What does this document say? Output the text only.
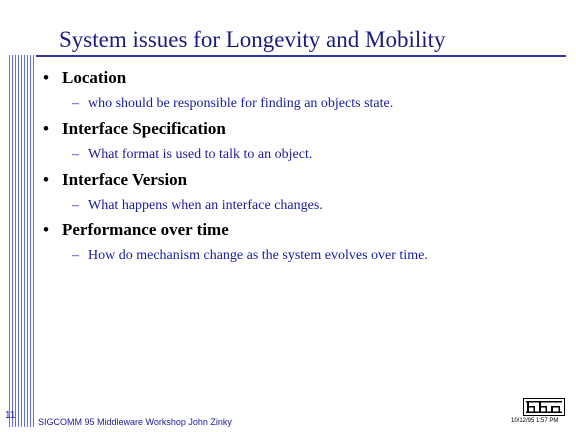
System issues for Longevity and Mobility
• Location
– who should be responsible for finding an objects state.
• Interface Specification
– What format is used to talk to an object.
• Interface Version
– What happens when an interface changes.
• Performance over time
– How do mechanism change as the system evolves over time.
11
SIGCOMM 95 Middleware Workshop John Zinky	10/12/95 1:57 PM
